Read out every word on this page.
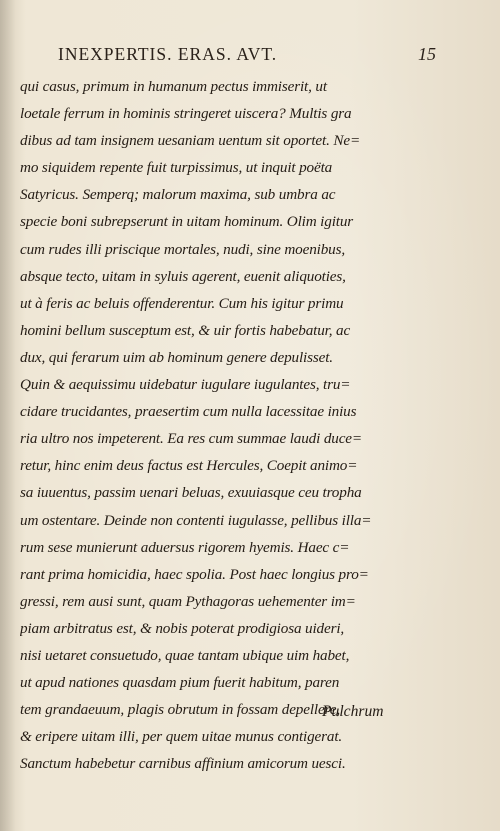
INEXPERTIS. ERAS. AVT.	15
qui casus, primum in humanum pectus immiserit, ut
loetale ferrum in hominis stringeret uiscera? Multis gra
dibus ad tam insignem uesaniam uentum sit oportet. Ne=
mo siquidem repente fuit turpissimus, ut inquit poëta
Satyricus. Semperq; malorum maxima, sub umbra ac
specie boni subrepserunt in uitam hominum. Olim igitur
cum rudes illi priscique mortales, nudi, sine moenibus,
absque tecto, uitam in syluis agerent, euenit aliquoties,
ut à feris ac beluis offenderentur. Cum his igitur primu
homini bellum susceptum est, & uir fortis habebatur, ac
dux, qui ferarum uim ab hominum genere depulisset.
Quin & aequissimu uidebatur iugulare iugulantes, tru=
cidare trucidantes, praesertim cum nulla lacessitae inius
ria ultro nos impeterent. Ea res cum summae laudi duce=
retur, hinc enim deus factus est Hercules, Coepit animo=
sa iuuentus, passim uenari beluas, exuuiasque ceu tropha
um ostentare. Deinde non contenti iugulasse, pellibus illa=
rum sese munierunt aduersus rigorem hyemis. Haec c=
rant prima homicidia, haec spolia. Post haec longius pro=
gressi, rem ausi sunt, quam Pythagoras uehementer im=
piam arbitratus est, & nobis poterat prodigiosa uideri,
nisi uetaret consuetudo, quae tantam ubique uim habet,
ut apud nationes quasdam pium fuerit habitum, paren
tem grandaeuum, plagis obrutum in fossam depellere,
& eripere uitam illi, per quem uitae munus contigerat.
Sanctum habebetur carnibus affinium amicorum uesci.
Pulchrum
